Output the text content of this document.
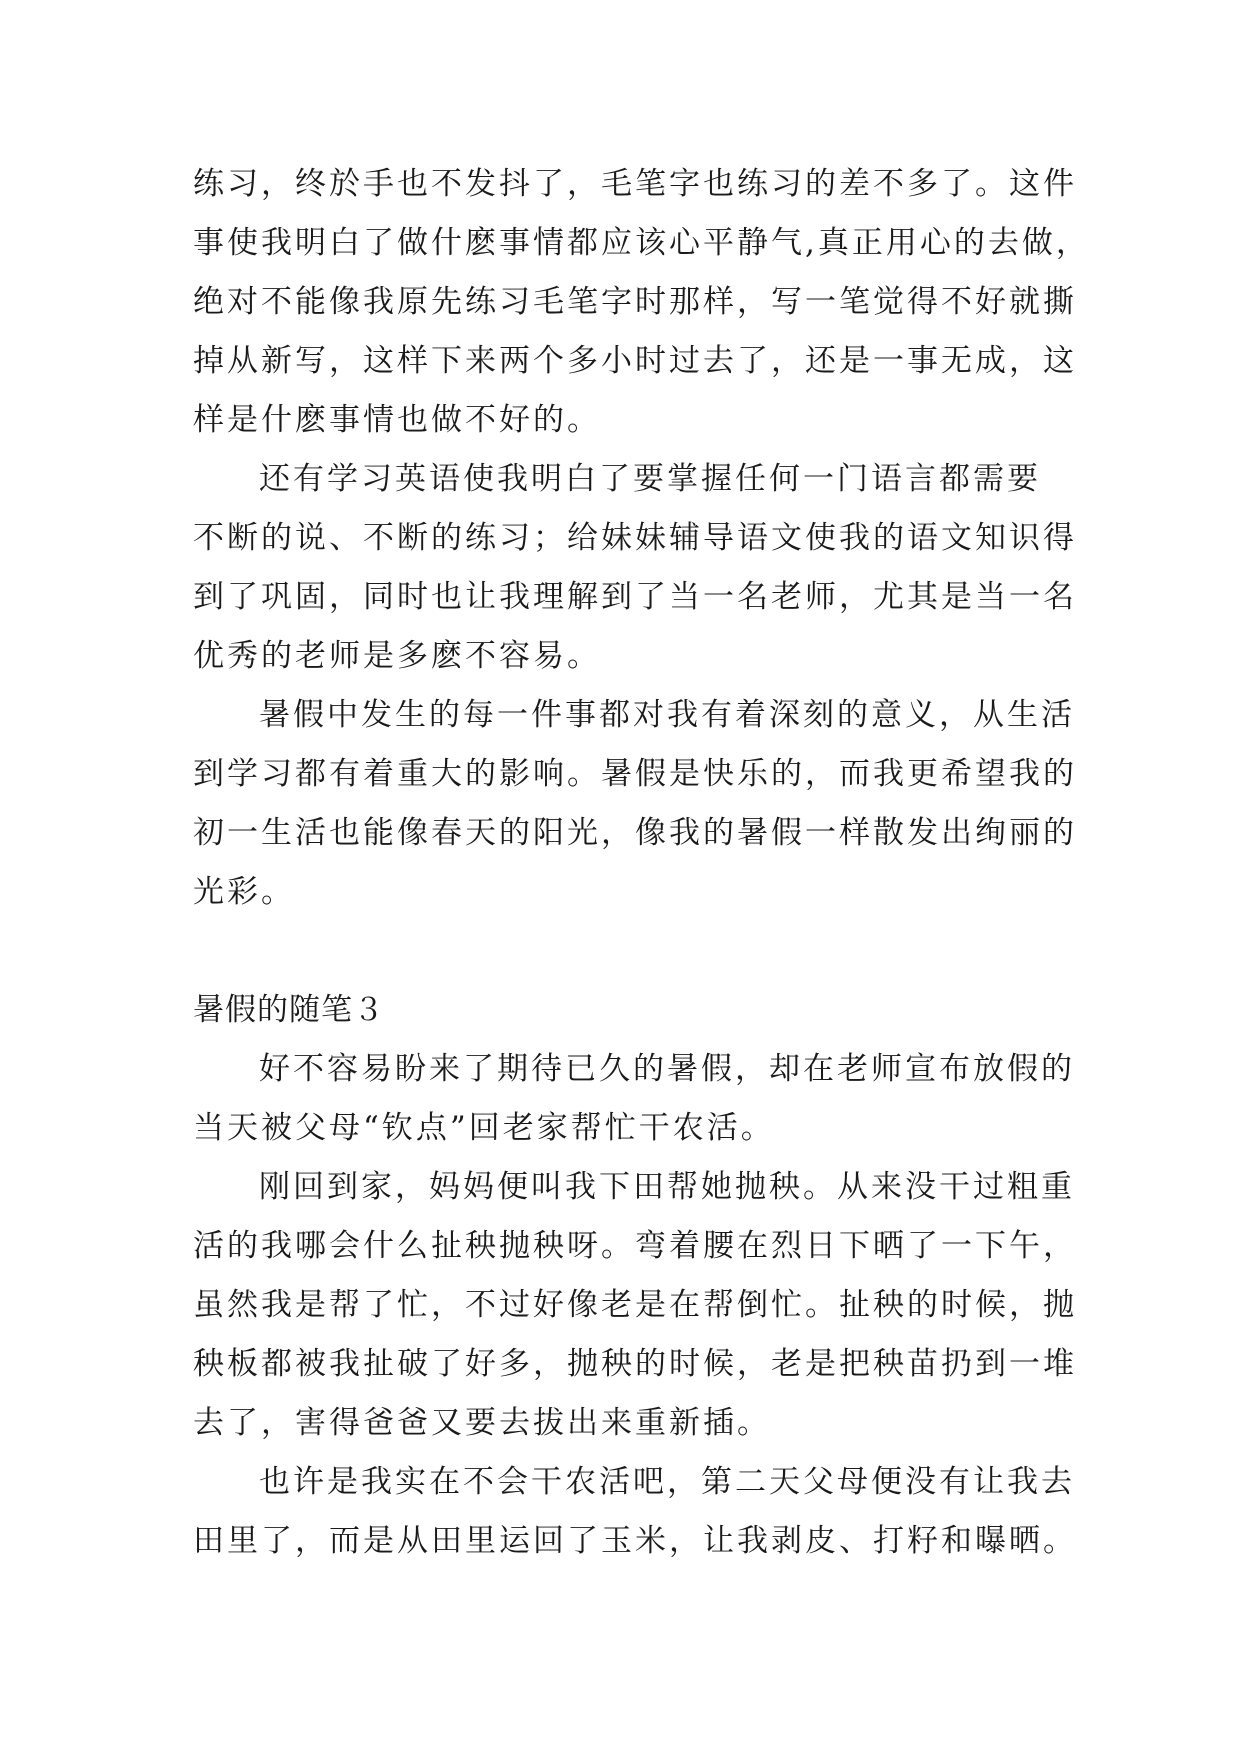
练习，终於手也不发抖了，毛笔字也练习的差不多了。这件
事使我明白了做什麽事情都应该心平静气,真正用心的去做，
绝对不能像我原先练习毛笔字时那样，写一笔觉得不好就撕
掉从新写，这样下来两个多小时过去了，还是一事无成，这
样是什麽事情也做不好的。
还有学习英语使我明白了要掌握任何一门语言都需要
不断的说、不断的练习；给妹妹辅导语文使我的语文知识得
到了巩固，同时也让我理解到了当一名老师，尤其是当一名
优秀的老师是多麽不容易。
暑假中发生的每一件事都对我有着深刻的意义，从生活
到学习都有着重大的影响。暑假是快乐的，而我更希望我的
初一生活也能像春天的阳光，像我的暑假一样散发出绚丽的
光彩。
暑假的随笔３
好不容易盼来了期待已久的暑假，却在老师宣布放假的
当天被父母“钦点”回老家帮忙干农活。
刚回到家，妈妈便叫我下田帮她抛秧。从来没干过粗重
活的我哪会什么扯秧抛秧呀。弯着腰在烈日下晒了一下午，
虽然我是帮了忙，不过好像老是在帮倒忙。扯秧的时候，抛
秧板都被我扯破了好多，抛秧的时候，老是把秧苗扔到一堆
去了，害得爸爸又要去拔出来重新插。
也许是我实在不会干农活吧，第二天父母便没有让我去
田里了，而是从田里运回了玉米，让我剥皮、打籽和曝晒。
